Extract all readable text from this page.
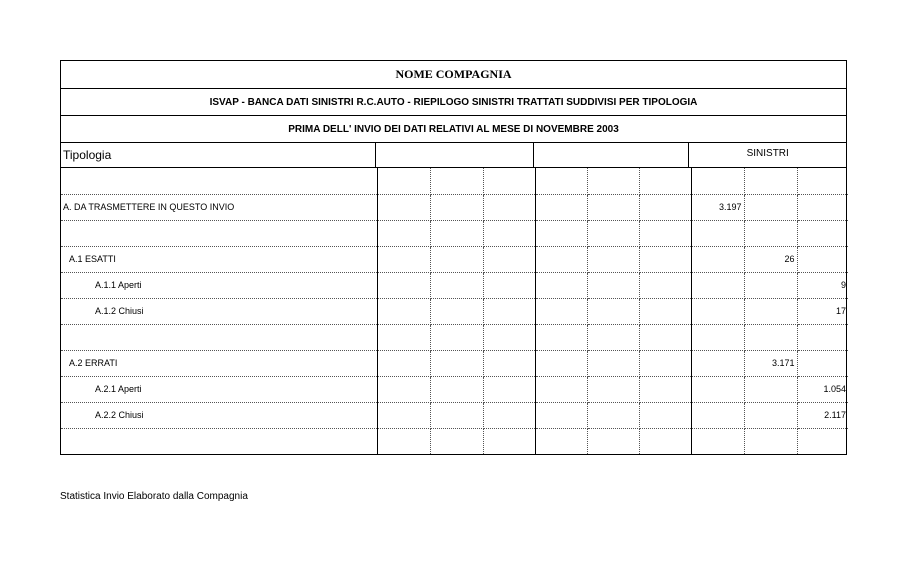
NOME COMPAGNIA
ISVAP - BANCA DATI SINISTRI R.C.AUTO - RIEPILOGO SINISTRI TRATTATI SUDDIVISI PER TIPOLOGIA
PRIMA DELL' INVIO DEI DATI RELATIVI AL MESE DI NOVEMBRE 2003
Tipologia	SINISTRI

A. DA TRASMETTERE IN QUESTO INVIO							3.197		

A.1 ESATTI								26	
A.1.1 Aperti									9
A.1.2 Chiusi									17

A.2 ERRATI								3.171	
A.2.1 Aperti									1.054
A.2.2 Chiusi									2.117

Statistica Invio Elaborato dalla Compagnia
